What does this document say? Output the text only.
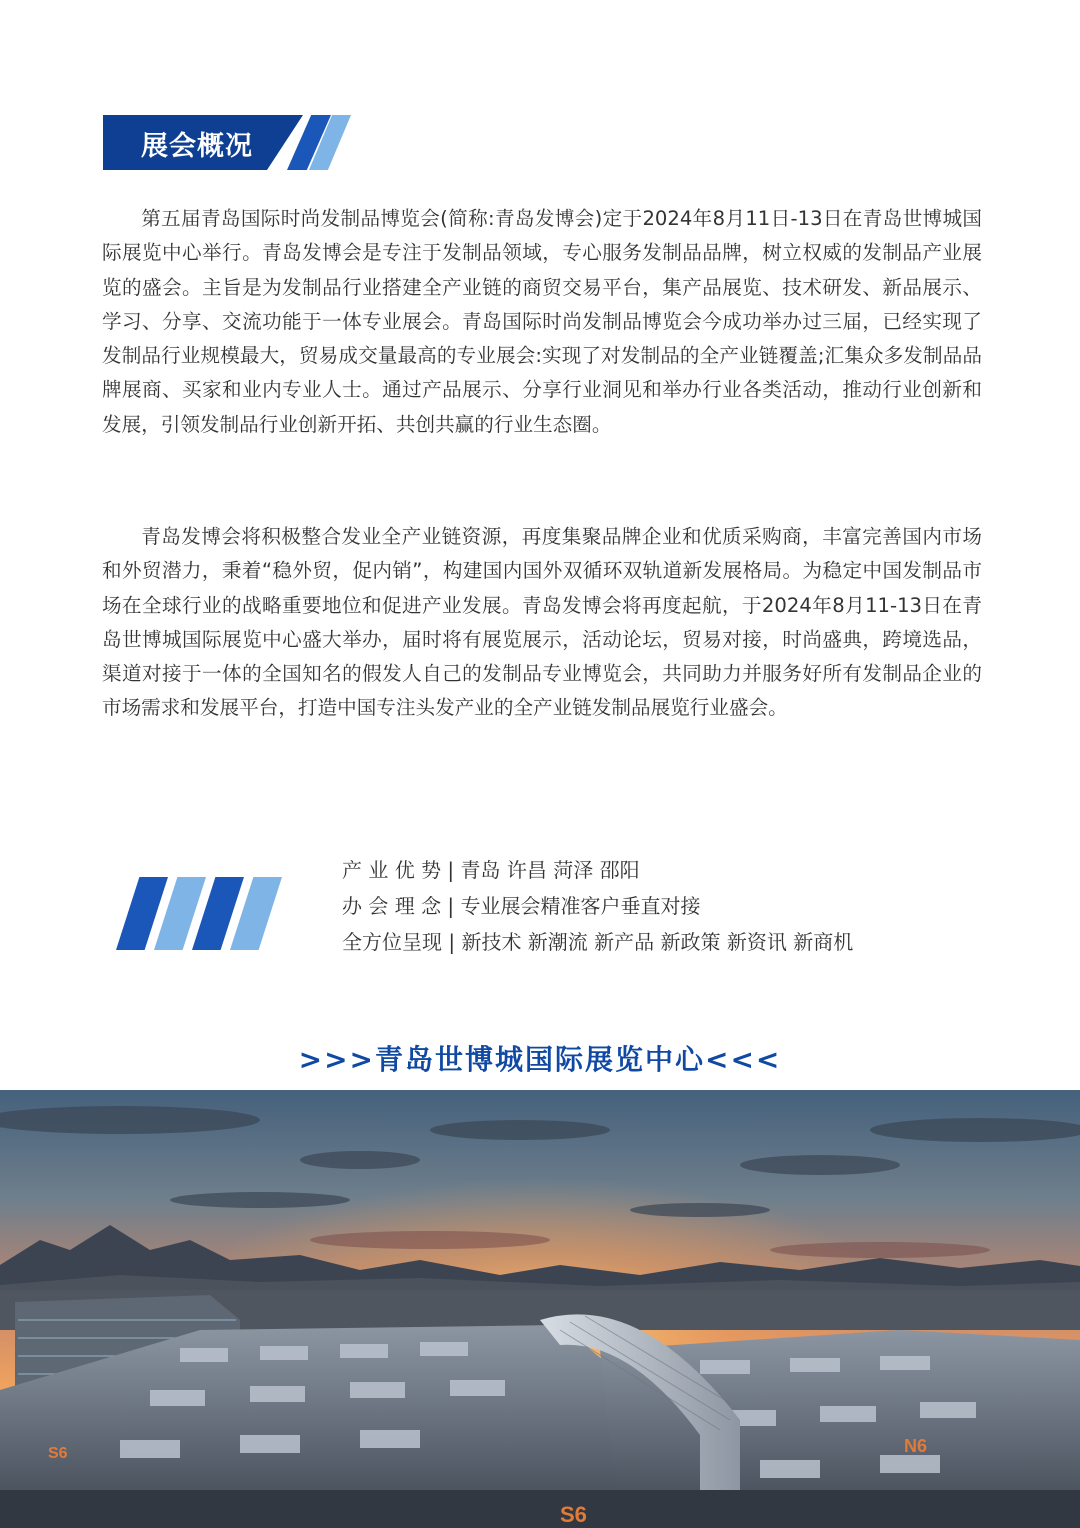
展会概况

第五届青岛国际时尚发制品博览会(简称:青岛发博会)定于2024年8月11日-13日在青岛世博城国际展览中心举行。青岛发博会是专注于发制品领域，专心服务发制品品牌，树立权威的发制品产业展览的盛会。主旨是为发制品行业搭建全产业链的商贸交易平台，集产品展览、技术研发、新品展示、学习、分享、交流功能于一体专业展会。青岛国际时尚发制品博览会今成功举办过三届，已经实现了发制品行业规模最大，贸易成交量最高的专业展会:实现了对发制品的全产业链覆盖;汇集众多发制品品牌展商、买家和业内专业人士。通过产品展示、分享行业洞见和举办行业各类活动，推动行业创新和发展，引领发制品行业创新开拓、共创共赢的行业生态圈。

青岛发博会将积极整合发业全产业链资源，再度集聚品牌企业和优质采购商，丰富完善国内市场和外贸潜力，秉着“稳外贸，促内销”，构建国内国外双循环双轨道新发展格局。为稳定中国发制品市场在全球行业的战略重要地位和促进产业发展。青岛发博会将再度起航，于2024年8月11-13日在青岛世博城国际展览中心盛大举办，届时将有展览展示，活动论坛，贸易对接，时尚盛典，跨境选品，渠道对接于一体的全国知名的假发人自己的发制品专业博览会，共同助力并服务好所有发制品企业的市场需求和发展平台，打造中国专注头发产业的全产业链发制品展览行业盛会。

产 业 优 势 | 青岛 许昌 菏泽 邵阳
办 会 理 念 | 专业展会精准客户垂直对接
全方位呈现 | 新技术 新潮流 新产品 新政策 新资讯 新商机
>>>青岛世博城国际展览中心<<<
S6
S6
N6
